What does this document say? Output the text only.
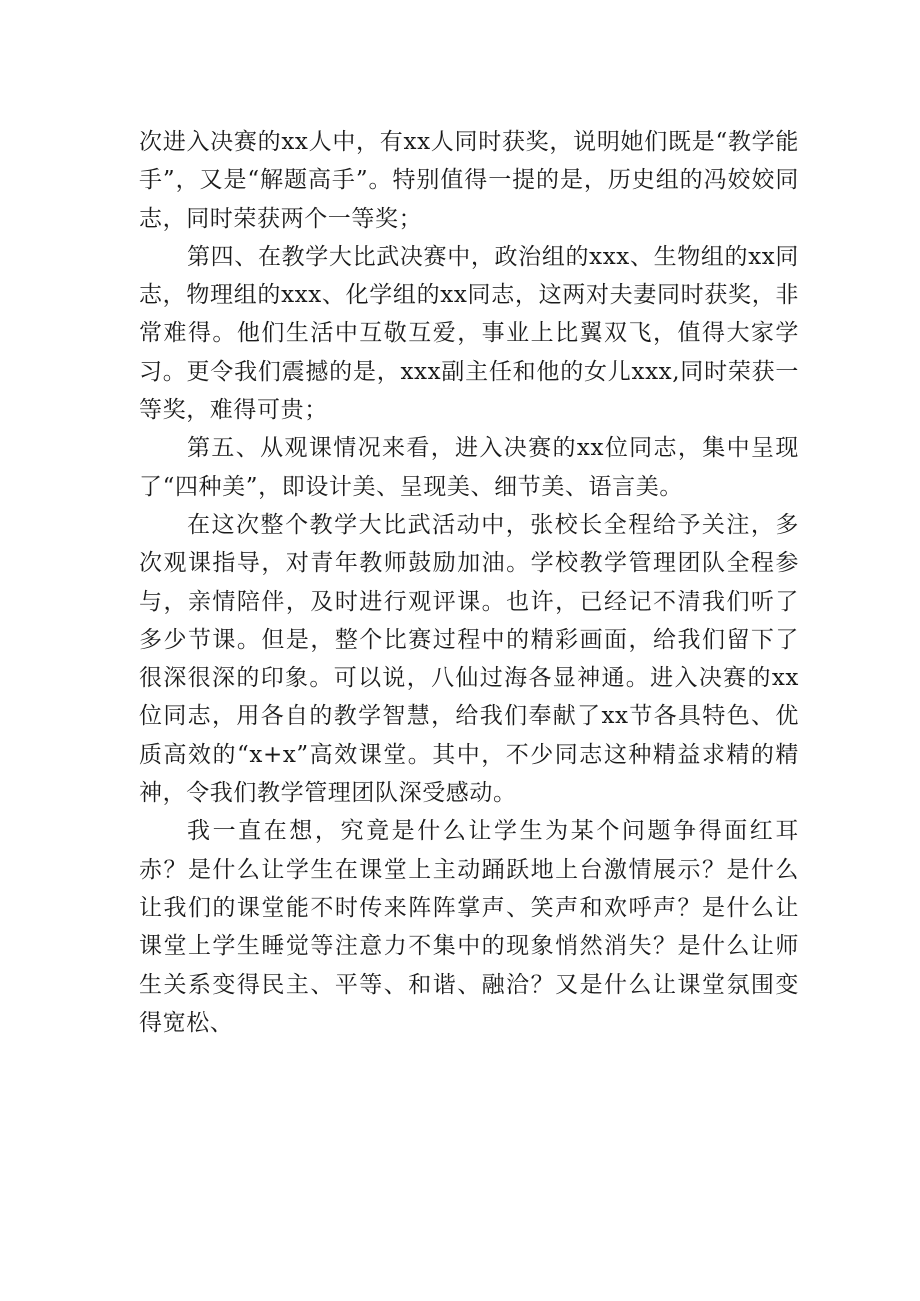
次进入决赛的xx人中，有xx人同时获奖，说明她们既是“教学能手”，又是“解题高手”。特别值得一提的是，历史组的冯姣姣同志，同时荣获两个一等奖；

第四、在教学大比武决赛中，政治组的xxx、生物组的xx同志，物理组的xxx、化学组的xx同志，这两对夫妻同时获奖，非常难得。他们生活中互敬互爱，事业上比翼双飞，值得大家学习。更令我们震撼的是，xxx副主任和他的女儿xxx,同时荣获一等奖，难得可贵；

第五、从观课情况来看，进入决赛的xx位同志，集中呈现了“四种美”，即设计美、呈现美、细节美、语言美。

在这次整个教学大比武活动中，张校长全程给予关注，多次观课指导，对青年教师鼓励加油。学校教学管理团队全程参与，亲情陪伴，及时进行观评课。也许，已经记不清我们听了多少节课。但是，整个比赛过程中的精彩画面，给我们留下了很深很深的印象。可以说，八仙过海各显神通。进入决赛的xx位同志，用各自的教学智慧，给我们奉献了xx节各具特色、优质高效的“x+x”高效课堂。其中，不少同志这种精益求精的精神，令我们教学管理团队深受感动。

我一直在想，究竟是什么让学生为某个问题争得面红耳赤？是什么让学生在课堂上主动踊跃地上台激情展示？是什么让我们的课堂能不时传来阵阵掌声、笑声和欢呼声？是什么让课堂上学生睡觉等注意力不集中的现象悄然消失？是什么让师生关系变得民主、平等、和谐、融洽？又是什么让课堂氛围变得宽松、
